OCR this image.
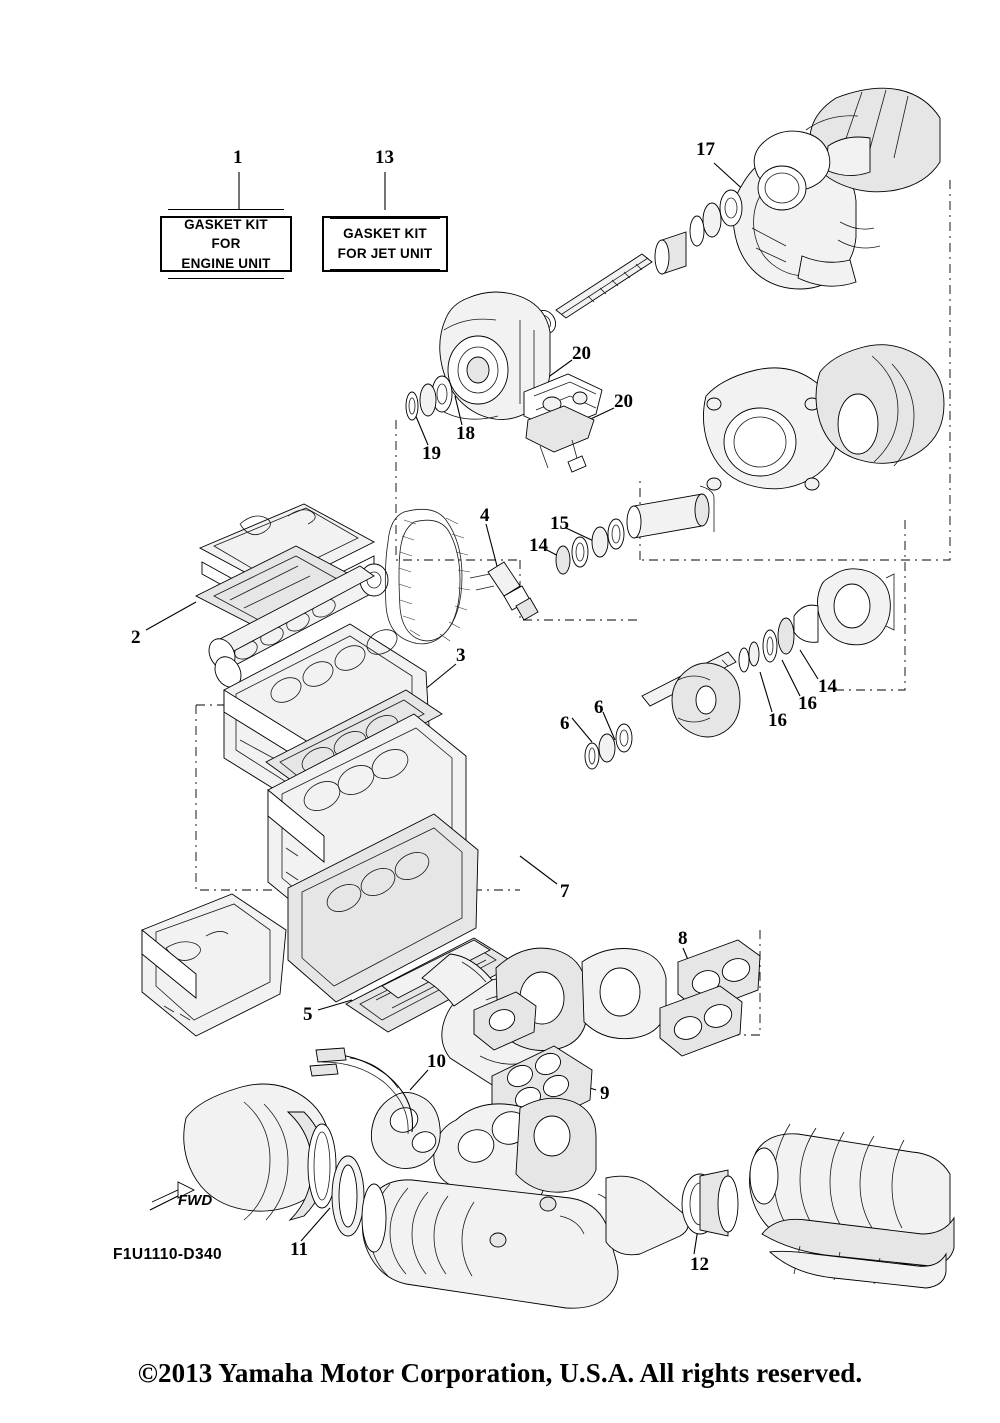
GASKET KIT FOR
ENGINE UNIT
GASKET KIT
FOR JET UNIT
1	13	17
20
20
19
18
4	15
14
2
3
14
16
16
6
6
7
8
5
9
10
11
12
FWD
F1U1110-D340
©2013 Yamaha Motor Corporation, U.S.A. All rights reserved.
